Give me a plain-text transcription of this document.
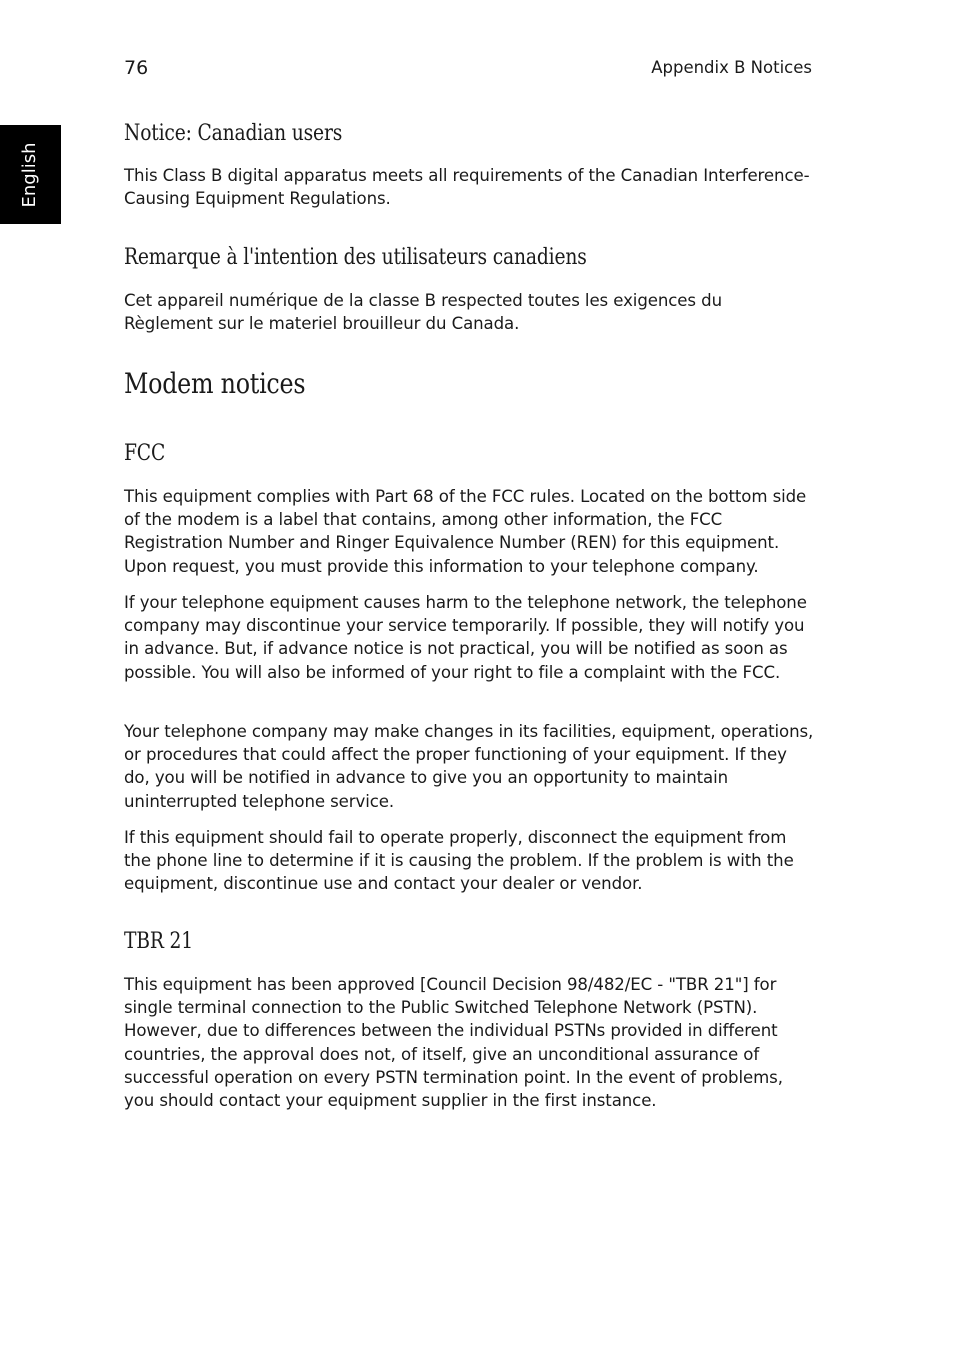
76	Appendix B Notices
English
Notice: Canadian users

This Class B digital apparatus meets all requirements of the Canadian Interference-Causing Equipment Regulations.

Remarque à l'intention des utilisateurs canadiens

Cet appareil numérique de la classe B respected toutes les exigences du Règlement sur le materiel brouilleur du Canada.

Modem notices
FCC

This equipment complies with Part 68 of the FCC rules. Located on the bottom side of the modem is a label that contains, among other information, the FCC Registration Number and Ringer Equivalence Number (REN) for this equipment. Upon request, you must provide this information to your telephone company.

If your telephone equipment causes harm to the telephone network, the telephone company may discontinue your service temporarily. If possible, they will notify you in advance. But, if advance notice is not practical, you will be notified as soon as possible. You will also be informed of your right to file a complaint with the FCC.

Your telephone company may make changes in its facilities, equipment, operations, or procedures that could affect the proper functioning of your equipment. If they do, you will be notified in advance to give you an opportunity to maintain uninterrupted telephone service.

If this equipment should fail to operate properly, disconnect the equipment from the phone line to determine if it is causing the problem. If the problem is with the equipment, discontinue use and contact your dealer or vendor.

TBR 21

This equipment has been approved [Council Decision 98/482/EC - "TBR 21"] for single terminal connection to the Public Switched Telephone Network (PSTN). However, due to differences between the individual PSTNs provided in different countries, the approval does not, of itself, give an unconditional assurance of successful operation on every PSTN termination point. In the event of problems, you should contact your equipment supplier in the first instance.
